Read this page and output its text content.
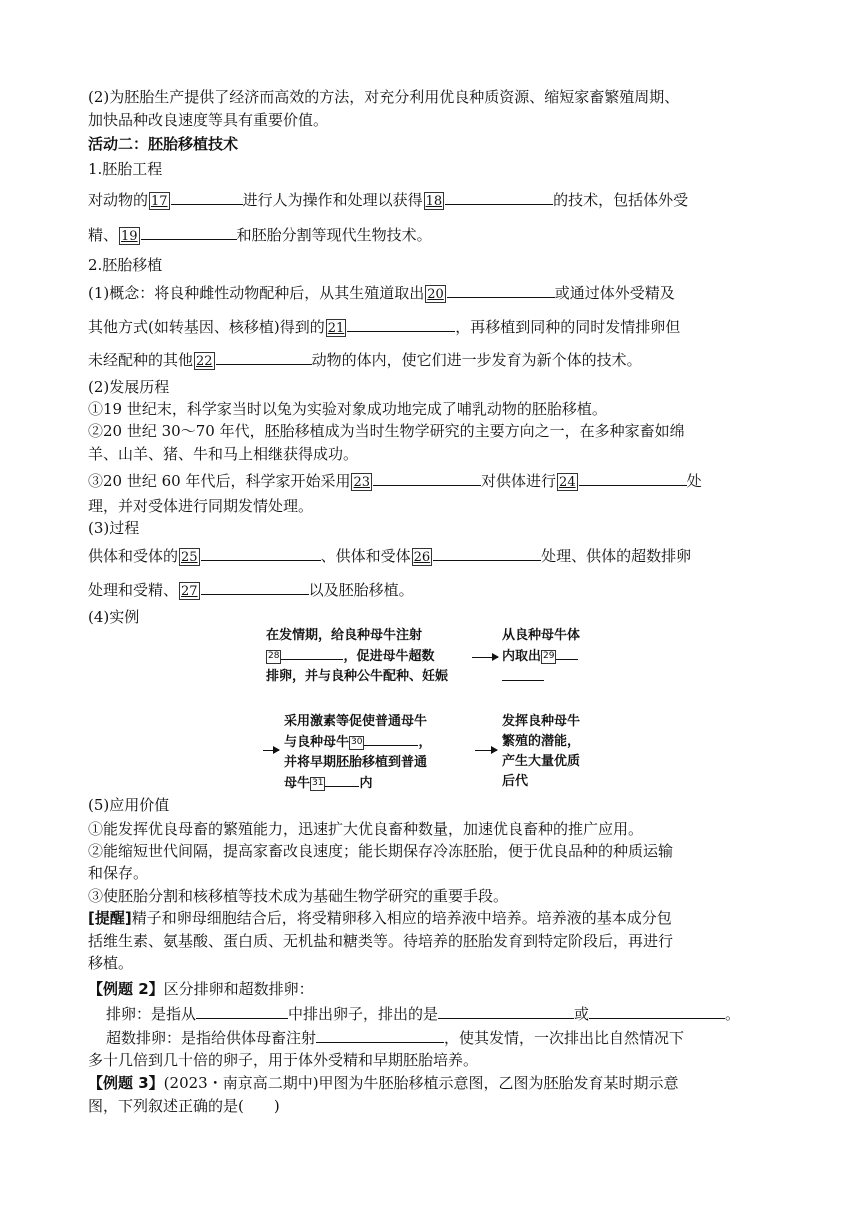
(2)为胚胎生产提供了经济而高效的方法，对充分利用优良种质资源、缩短家畜繁殖周期、
加快品种改良速度等具有重要价值。
活动二：胚胎移植技术
1.胚胎工程
对动物的 17	进行人为操作和处理以获得 18	的技术，包括体外受
精、 19	和胚胎分割等现代生物技术。
2.胚胎移植
(1)概念：将良种雌性动物配种后，从其生殖道取出 20	或通过体外受精及
其他方式(如转基因、核移植)得到的 21	，再移植到同种的同时发情排卵但
未经配种的其他 22	动物的体内，使它们进一步发育为新个体的技术。
(2)发展历程
①19 世纪末，科学家当时以兔为实验对象成功地完成了哺乳动物的胚胎移植。
②20 世纪 30～70 年代，胚胎移植成为当时生物学研究的主要方向之一，在多种家畜如绵
羊、山羊、猪、牛和马上相继获得成功。
③20 世纪 60 年代后，科学家开始采用 23	对供体进行 24	处
理，并对受体进行同期发情处理。
(3)过程
供体和受体的 25	、供体和受体 26	处理、供体的超数排卵
处理和受精、 27	以及胚胎移植。
(4)实例
在发情期，给良种母牛注射
28	，促进母牛超数
排卵，并与良种公牛配种、妊娠
从良种母牛体
内取出 29
采用激素等促使普通母牛
与良种母牛 30	，
并将早期胚胎移植到普通
母牛 31	内
发挥良种母牛
繁殖的潜能，
产生大量优质
后代
(5)应用价值
①能发挥优良母畜的繁殖能力，迅速扩大优良畜种数量，加速优良畜种的推广应用。
②能缩短世代间隔，提高家畜改良速度；能长期保存冷冻胚胎，便于优良品种的种质运输
和保存。
③使胚胎分割和核移植等技术成为基础生物学研究的重要手段。
[提醒]精子和卵母细胞结合后，将受精卵移入相应的培养液中培养。培养液的基本成分包
括维生素、氨基酸、蛋白质、无机盐和糖类等。待培养的胚胎发育到特定阶段后，再进行
移植。
【例题 2】区分排卵和超数排卵：
排卵：是指从	中排出卵子，排出的是	或	。
超数排卵：是指给供体母畜注射	，使其发情，一次排出比自然情况下
多十几倍到几十倍的卵子，用于体外受精和早期胚胎培养。
【例题 3】(2023・南京高二期中)甲图为牛胚胎移植示意图，乙图为胚胎发育某时期示意
图，下列叙述正确的是(　　)
